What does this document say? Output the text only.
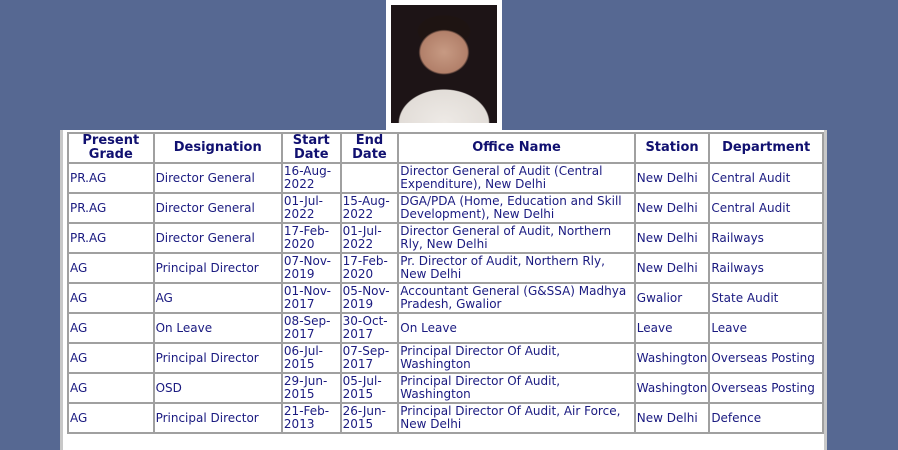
Present Grade	Designation	Start Date	End Date	Office Name	Station	Department
PR.AG	Director General	16-Aug-2022		Director General of Audit (Central Expenditure), New Delhi	New Delhi	Central Audit
PR.AG	Director General	01-Jul-2022	15-Aug-2022	DGA/PDA (Home, Education and Skill Development), New Delhi	New Delhi	Central Audit
PR.AG	Director General	17-Feb-2020	01-Jul-2022	Director General of Audit, Northern Rly, New Delhi	New Delhi	Railways
AG	Principal Director	07-Nov-2019	17-Feb-2020	Pr. Director of Audit, Northern Rly, New Delhi	New Delhi	Railways
AG	AG	01-Nov-2017	05-Nov-2019	Accountant General (G&SSA) Madhya Pradesh, Gwalior	Gwalior	State Audit
AG	On Leave	08-Sep-2017	30-Oct-2017	On Leave	Leave	Leave
AG	Principal Director	06-Jul-2015	07-Sep-2017	Principal Director Of Audit, Washington	Washington	Overseas Posting
AG	OSD	29-Jun-2015	05-Jul-2015	Principal Director Of Audit, Washington	Washington	Overseas Posting
AG	Principal Director	21-Feb-2013	26-Jun-2015	Principal Director Of Audit, Air Force, New Delhi	New Delhi	Defence
